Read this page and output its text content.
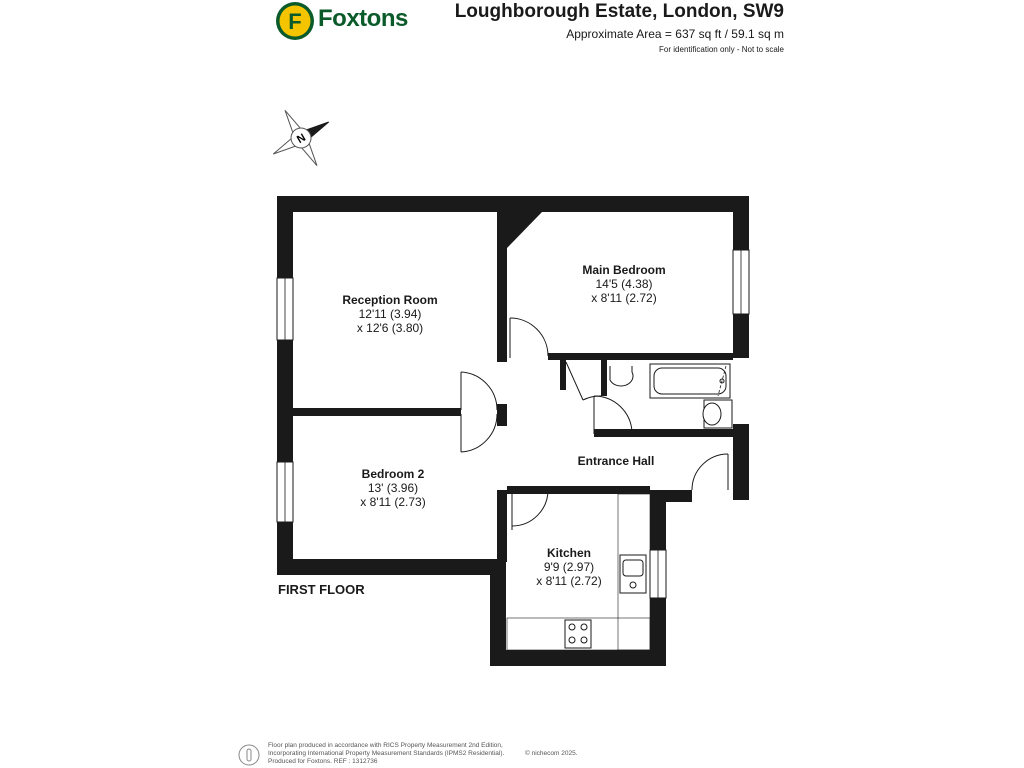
F Foxtons Loughborough Estate, London, SW9
Approximate Area = 637 sq ft / 59.1 sq m
For identification only - Not to scale
N
Reception Room
12'11 (3.94)
x 12'6 (3.80)
Main Bedroom
14'5 (4.38)
x 8'11 (2.72)
Bedroom 2
13' (3.96)
x 8'11 (2.73)
Entrance Hall
Kitchen
9'9 (2.97)
x 8'11 (2.72)
FIRST FLOOR
Floor plan produced in accordance with RICS Property Measurement 2nd Edition,
Incorporating International Property Measurement Standards (IPMS2 Residential).
Produced for Foxtons. REF : 1312736
© nichecom 2025.
